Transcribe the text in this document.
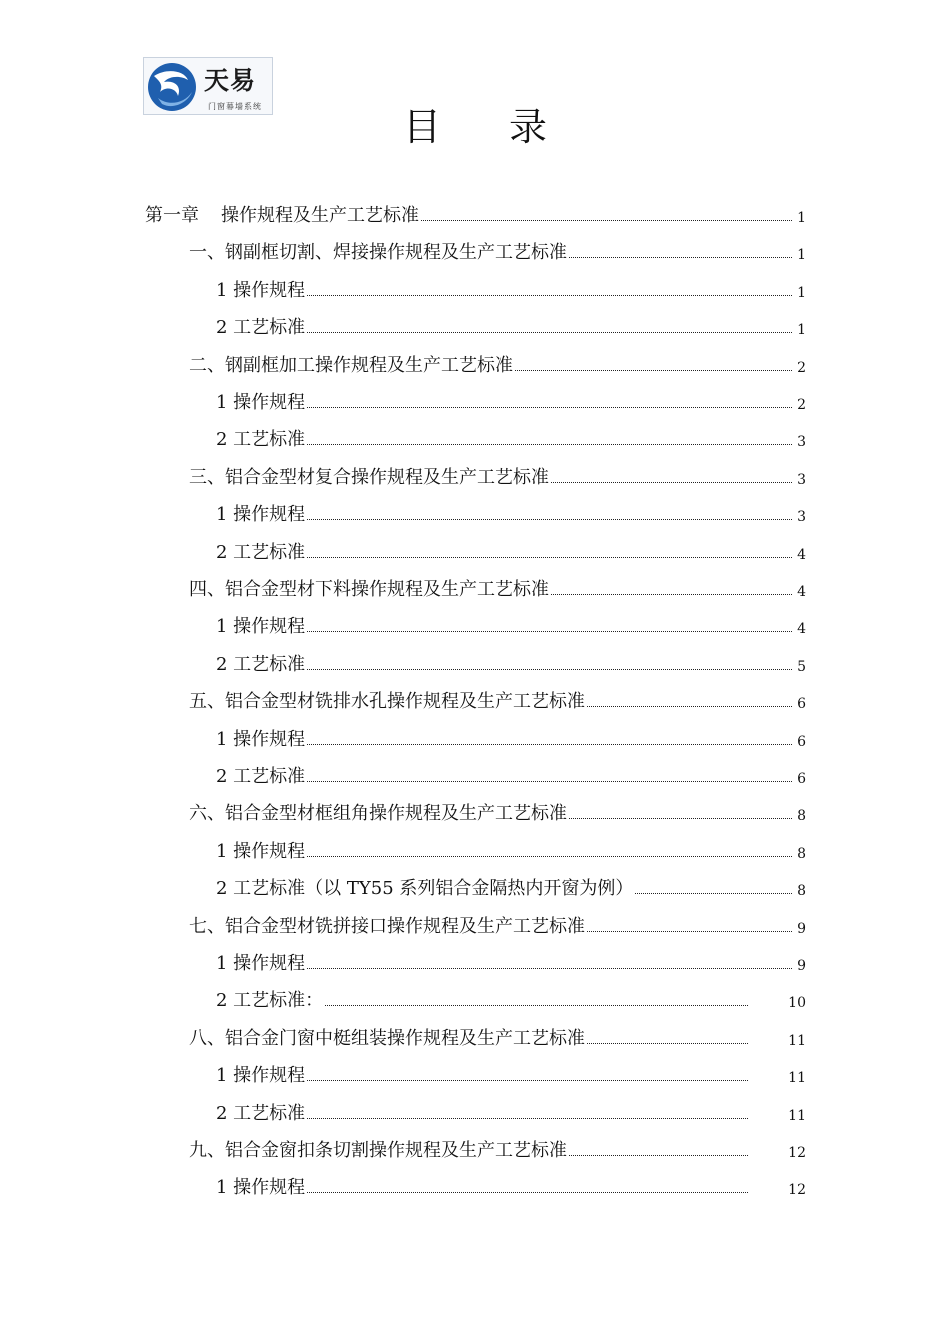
天易
门窗幕墙系统	目 录
第一章 操作规程及生产工艺标准	1
一、钢副框切割、焊接操作规程及生产工艺标准	1
1 操作规程	1
2 工艺标准	1
二、钢副框加工操作规程及生产工艺标准	2
1 操作规程	2
2 工艺标准	3
三、铝合金型材复合操作规程及生产工艺标准	3
1 操作规程	3
2 工艺标准	4
四、铝合金型材下料操作规程及生产工艺标准	4
1 操作规程	4
2 工艺标准	5
五、铝合金型材铣排水孔操作规程及生产工艺标准	6
1 操作规程	6
2 工艺标准	6
六、铝合金型材框组角操作规程及生产工艺标准	8
1 操作规程	8
2 工艺标准（以 TY55 系列铝合金隔热内开窗为例）	8
七、铝合金型材铣拼接口操作规程及生产工艺标准	9
1 操作规程	9
2 工艺标准：	10
八、铝合金门窗中梃组装操作规程及生产工艺标准	11
1 操作规程	11
2 工艺标准	11
九、铝合金窗扣条切割操作规程及生产工艺标准	12
1 操作规程	12
